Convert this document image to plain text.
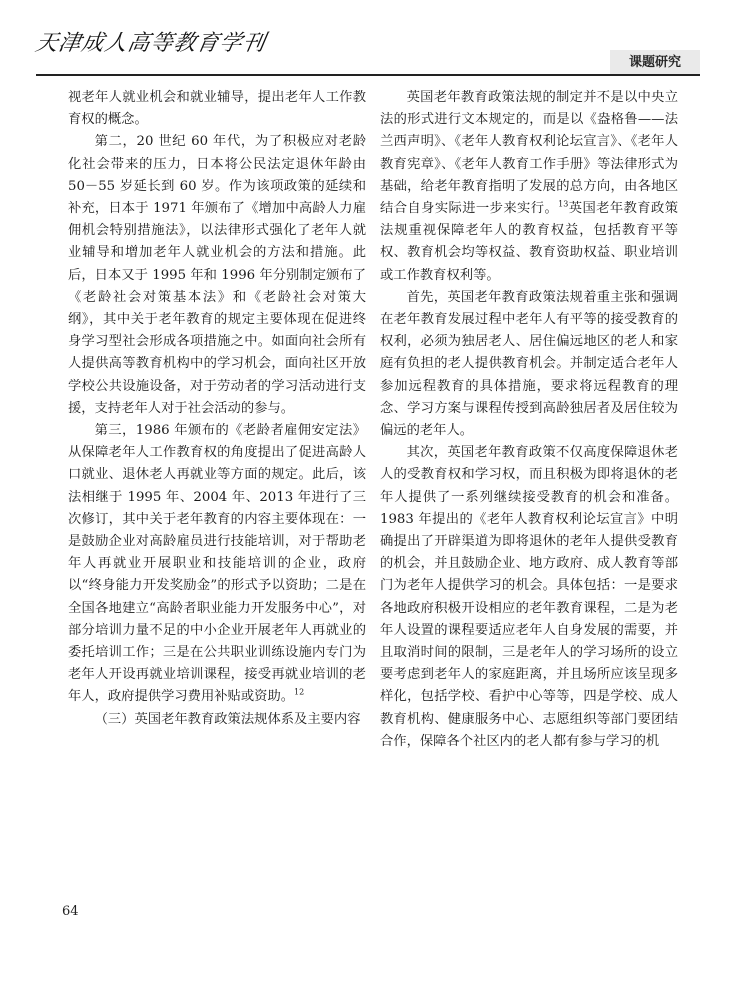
天津成人高等教育学刊
课题研究

视老年人就业机会和就业辅导，提出老年人工作教育权的概念。

第二，20 世纪 60 年代，为了积极应对老龄化社会带来的压力，日本将公民法定退休年龄由 50－55 岁延长到 60 岁。作为该项政策的延续和补充，日本于 1971 年颁布了《增加中高龄人力雇佣机会特别措施法》，以法律形式强化了老年人就业辅导和增加老年人就业机会的方法和措施。此后，日本又于 1995 年和 1996 年分别制定颁布了《老龄社会对策基本法》和《老龄社会对策大纲》，其中关于老年教育的规定主要体现在促进终身学习型社会形成各项措施之中。如面向社会所有人提供高等教育机构中的学习机会，面向社区开放学校公共设施设备，对于劳动者的学习活动进行支援，支持老年人对于社会活动的参与。

第三，1986 年颁布的《老龄者雇佣安定法》从保障老年人工作教育权的角度提出了促进高龄人口就业、退休老人再就业等方面的规定。此后，该法相继于 1995 年、2004 年、2013 年进行了三次修订，其中关于老年教育的内容主要体现在：一是鼓励企业对高龄雇员进行技能培训，对于帮助老年人再就业开展职业和技能培训的企业，政府以“终身能力开发奖励金”的形式予以资助；二是在全国各地建立“高龄者职业能力开发服务中心”，对部分培训力量不足的中小企业开展老年人再就业的委托培训工作；三是在公共职业训练设施内专门为老年人开设再就业培训课程，接受再就业培训的老年人，政府提供学习费用补贴或资助。$^{12}$

（三）英国老年教育政策法规体系及主要内容

英国老年教育政策法规的制定并不是以中央立法的形式进行文本规定的，而是以《盎格鲁——法兰西声明》、《老年人教育权利论坛宣言》、《老年人教育宪章》、《老年人教育工作手册》等法律形式为基础，给老年教育指明了发展的总方向，由各地区结合自身实际进一步来实行。$^{13}$英国老年教育政策法规重视保障老年人的教育权益，包括教育平等权、教育机会均等权益、教育资助权益、职业培训或工作教育权利等。

首先，英国老年教育政策法规着重主张和强调在老年教育发展过程中老年人有平等的接受教育的权利，必须为独居老人、居住偏远地区的老人和家庭有负担的老人提供教育机会。并制定适合老年人参加远程教育的具体措施，要求将远程教育的理念、学习方案与课程传授到高龄独居者及居住较为偏远的老年人。

其次，英国老年教育政策不仅高度保障退休老人的受教育权和学习权，而且积极为即将退休的老年人提供了一系列继续接受教育的机会和准备。1983 年提出的《老年人教育权利论坛宣言》中明确提出了开辟渠道为即将退休的老年人提供受教育的机会，并且鼓励企业、地方政府、成人教育等部门为老年人提供学习的机会。具体包括：一是要求各地政府积极开设相应的老年教育课程，二是为老年人设置的课程要适应老年人自身发展的需要，并且取消时间的限制，三是老年人的学习场所的设立要考虑到老年人的家庭距离，并且场所应该呈现多样化，包括学校、看护中心等等，四是学校、成人教育机构、健康服务中心、志愿组织等部门要团结合作，保障各个社区内的老人都有参与学习的机

64
